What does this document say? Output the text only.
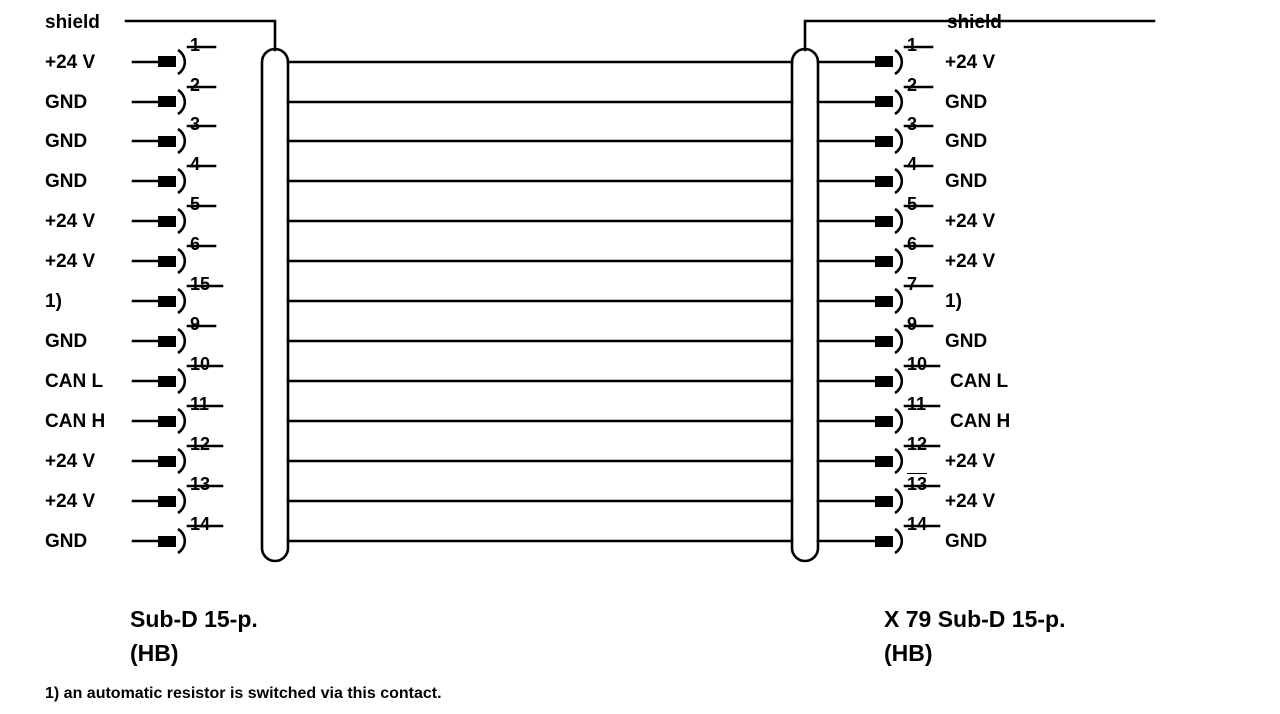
shield	shield
+24 V
GND
GND
GND
+24 V
+24 V
1)
GND
CAN L
CAN H
+24 V
+24 V
GND
1
2
3
4
5
6
15
9
10
11
12
13
14
1
2
3
4
5
6
7
9
10
11
12
13
14
+24 V
GND
GND
GND
+24 V
+24 V
1)
GND
CAN L
CAN H
+24 V
+24 V
GND
Sub-D 15-p.
(HB)
X 79 Sub-D 15-p.
(HB)
1) an automatic resistor is switched via this contact.
